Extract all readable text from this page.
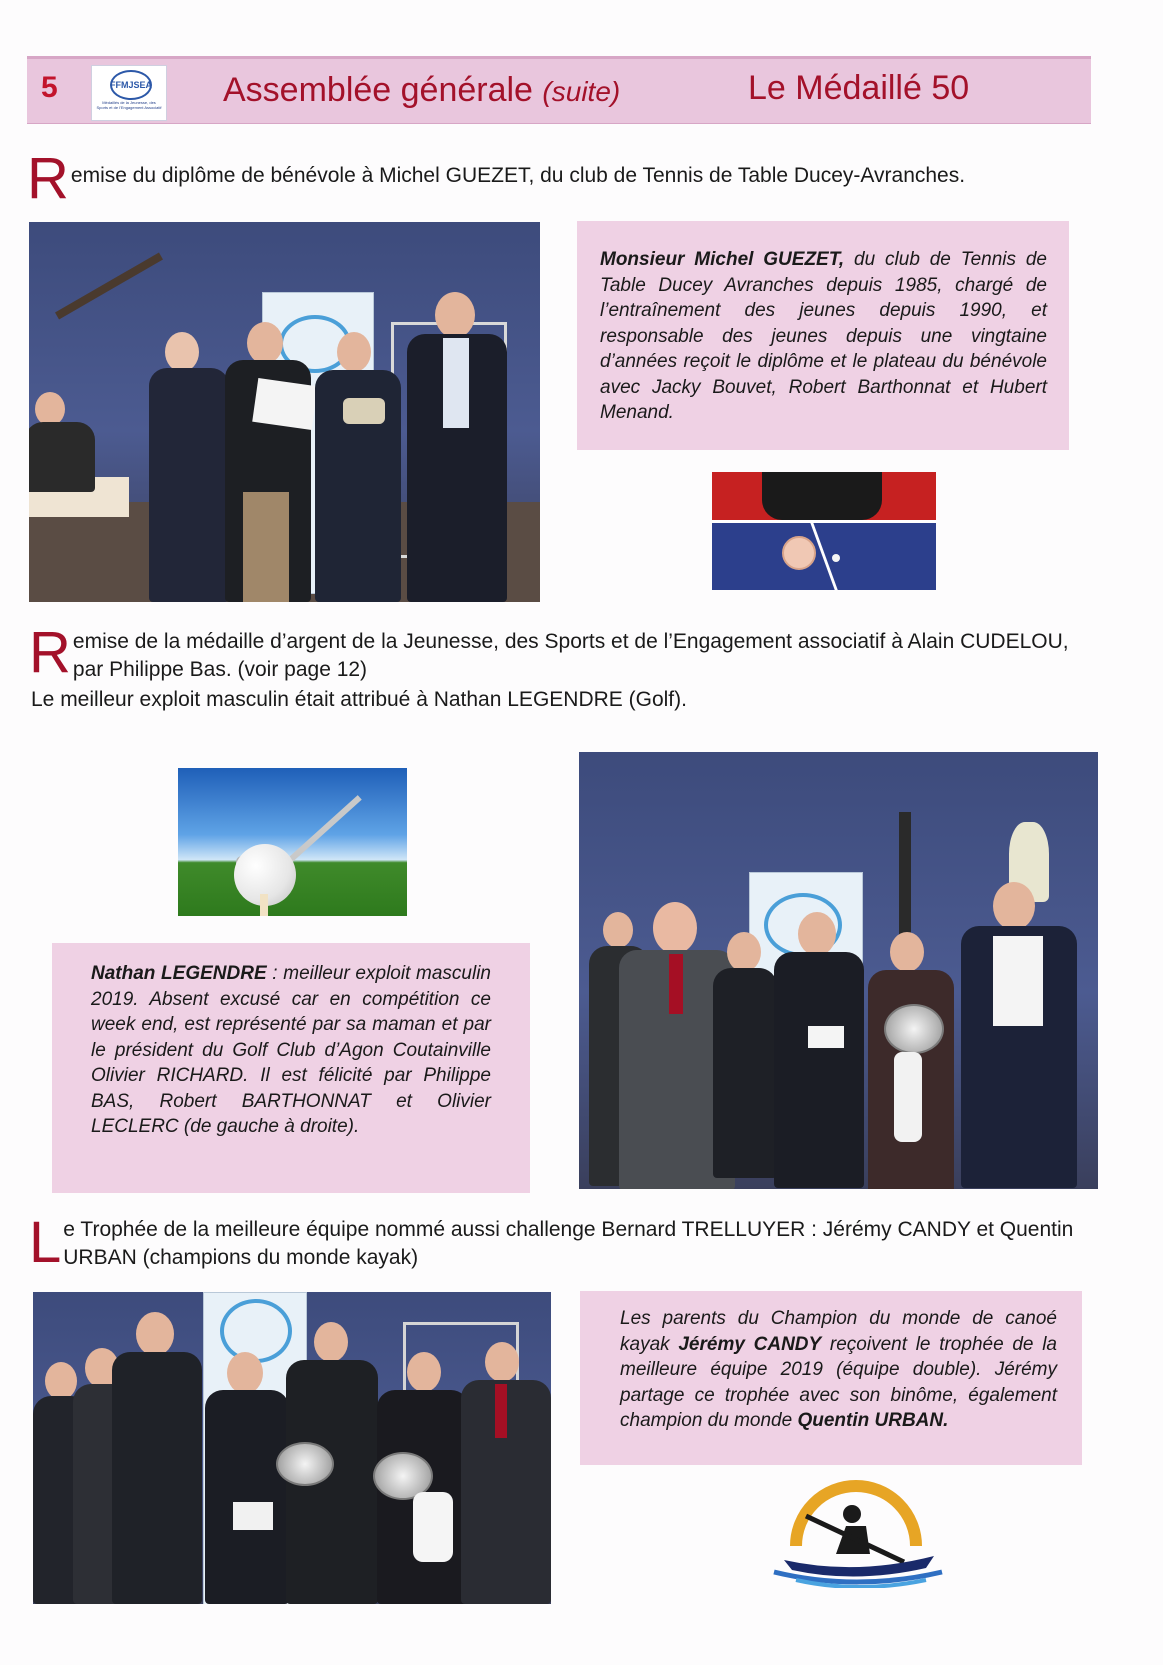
5	FFMJSEA
Médaillés de la Jeunesse, des Sports et de l'Engagement Associatif Assemblée générale (suite)	Le Médaillé 50
R emise du diplôme de bénévole à Michel GUEZET, du club de Tennis de Table Ducey-Avranches.
Monsieur Michel GUEZET, du club de Tennis de Table Ducey Avranches depuis 1985, chargé de l’entraînement des jeunes depuis 1990, et responsable des jeunes depuis une vingtaine d’années reçoit le diplôme et le plateau du bénévole avec Jacky Bouvet, Robert Barthonnat et Hubert Menand.
R emise de la médaille d’argent de la Jeunesse, des Sports et de l’Engagement associatif à Alain CUDELOU, par Philippe Bas. (voir page 12)
Le meilleur exploit masculin était attribué à Nathan LEGENDRE (Golf).
Nathan LEGENDRE : meilleur exploit masculin 2019. Absent excusé car en compétition ce week end, est représenté par sa maman et par le président du Golf Club d’Agon Coutainville Olivier RICHARD. Il est félicité par Philippe BAS, Robert BARTHONNAT et Olivier LECLERC (de gauche à droite).
L e Trophée de la meilleure équipe nommé aussi challenge Bernard TRELLUYER : Jérémy CANDY et Quentin URBAN (champions du monde kayak)
Les parents du Champion du monde de canoé kayak Jérémy CANDY reçoivent le trophée de la meilleure équipe 2019 (équipe double). Jérémy partage ce trophée avec son binôme, également champion du monde Quentin URBAN.
